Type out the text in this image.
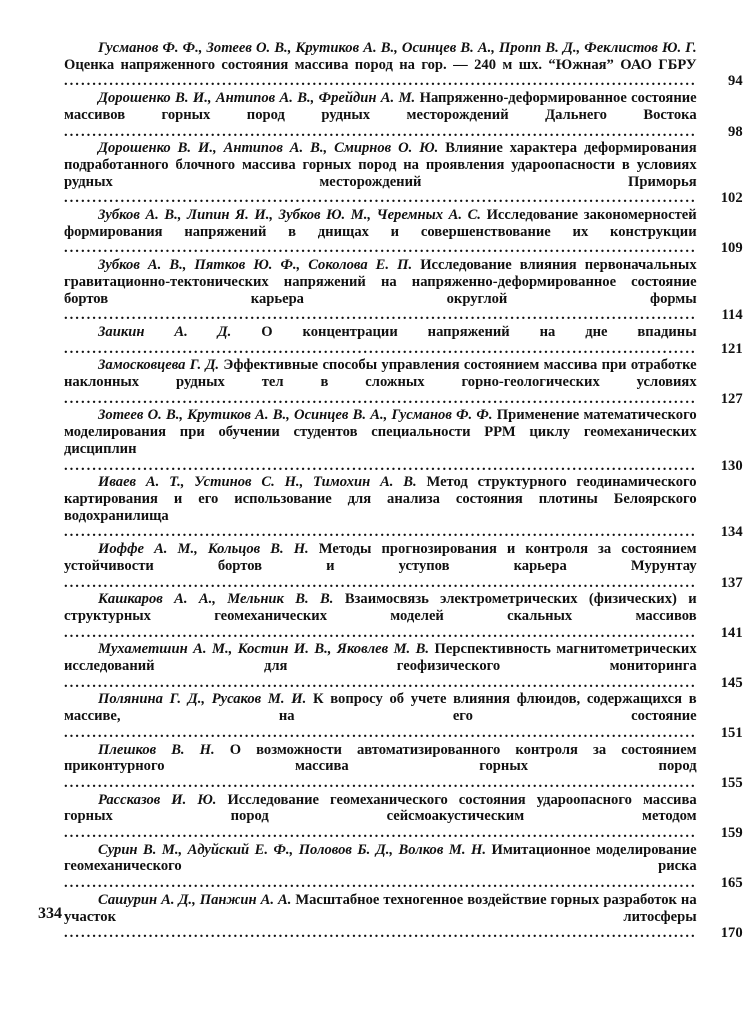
Гусманов Ф. Ф., Зотеев О. В., Крутиков А. В., Осинцев В. А., Пропп В. Д., Феклистов Ю. Г. Оценка напряженного состояния массива пород на гор. — 240 м шх. “Южная” ОАО ГБРУ ................................................................................................................	94
Дорошенко В. И., Антипов А. В., Фрейдин А. М. Напряженно-деформированное состояние массивов горных пород рудных месторождений Дальнего Востока ................................................................................................................	98
Дорошенко В. И., Антипов А. В., Смирнов О. Ю. Влияние характера деформирования подработанного блочного массива горных пород на проявления удароопасности в условиях рудных месторождений Приморья ................................................................................................................	102
Зубков А. В., Липин Я. И., Зубков Ю. М., Черемных А. С. Исследование закономерностей формирования напряжений в днищах и совершенствование их конструкции ................................................................................................................	109
Зубков А. В., Пятков Ю. Ф., Соколова Е. П. Исследование влияния первоначальных гравитационно-тектонических напряжений на напряженно-деформированное состояние бортов карьера округлой формы ................................................................................................................	114
Заикин А. Д. О концентрации напряжений на дне впадины ................................................................................................................	121
Замосковцева Г. Д. Эффективные способы управления состоянием массива при отработке наклонных рудных тел в сложных горно-геологических условиях ................................................................................................................	127
Зотеев О. В., Крутиков А. В., Осинцев В. А., Гусманов Ф. Ф. Применение математического моделирования при обучении студентов специальности РРМ циклу геомеханических дисциплин ................................................................................................................	130
Иваев А. Т., Устинов С. Н., Тимохин А. В. Метод структурного геодинамического картирования и его использование для анализа состояния плотины Белоярского водохранилища ................................................................................................................	134
Иоффе А. М., Кольцов В. Н. Методы прогнозирования и контроля за состоянием устойчивости бортов и уступов карьера Мурунтау ................................................................................................................	137
Кашкаров А. А., Мельник В. В. Взаимосвязь электрометрических (физических) и структурных геомеханических моделей скальных массивов ................................................................................................................	141
Мухаметшин А. М., Костин И. В., Яковлев М. В. Перспективность магнитометрических исследований для геофизического мониторинга ................................................................................................................	145
Полянина Г. Д., Русаков М. И. К вопросу об учете влияния флюидов, содержащихся в массиве, на его состояние ................................................................................................................	151
Плешков В. Н. О возможности автоматизированного контроля за состоянием приконтурного массива горных пород ................................................................................................................	155
Рассказов И. Ю. Исследование геомеханического состояния удароопасного массива горных пород сейсмоакустическим методом ................................................................................................................	159
Сурин В. М., Адуйский Е. Ф., Половов Б. Д., Волков М. Н. Имитационное моделирование геомеханического риска ................................................................................................................	165
Сашурин А. Д., Панжин А. А. Масштабное техногенное воздействие горных разработок на участок литосферы ................................................................................................................	170
334
